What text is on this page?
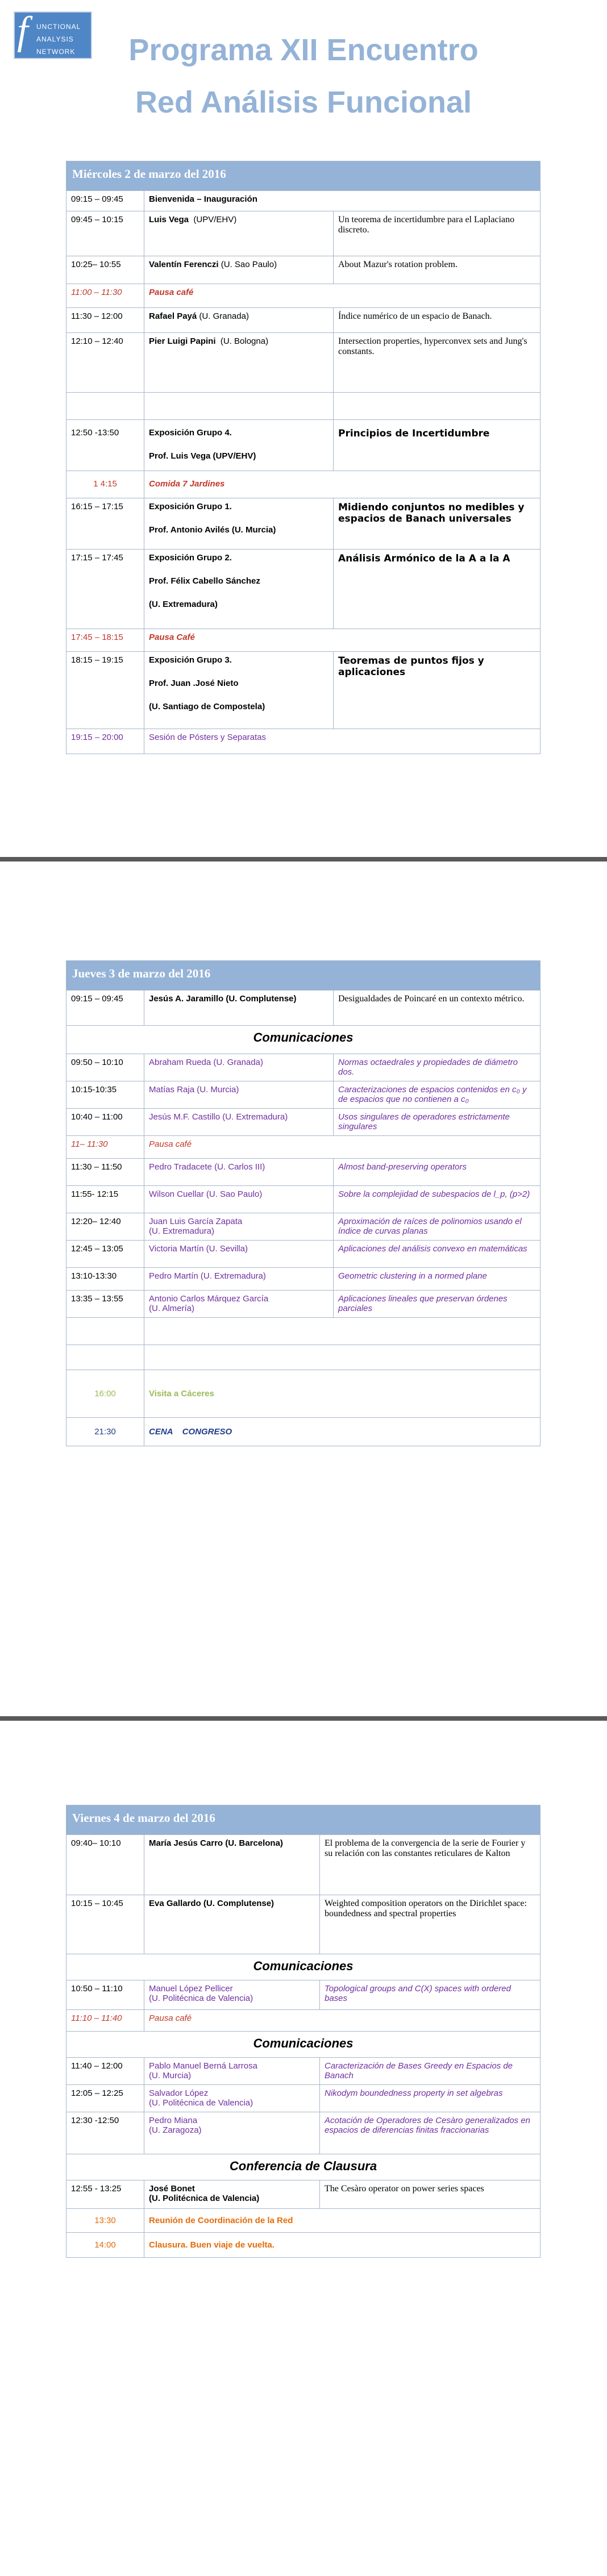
f UNCTIONAL
ANALYSIS
NETWORK	Programa XII Encuentro
Red Análisis Funcional
Miércoles 2 de marzo del 2016		
09:15 – 09:45	Bienvenida – Inauguración	
09:45 – 10:15	Luis Vega (UPV/EHV)	Un teorema de incertidumbre para el Laplaciano discreto.
10:25– 10:55	Valentín Ferenczi (U. Sao Paulo)	About Mazur's rotation problem.
11:00 – 11:30	Pausa café	
11:30 – 12:00	Rafael Payá (U. Granada)	Índice numérico de un espacio de Banach.
12:10 – 12:40	Pier Luigi Papini (U. Bologna)	Intersection properties, hyperconvex sets and Jung's constants.

12:50 -13:50	Exposición Grupo 4.
Prof. Luis Vega (UPV/EHV)	Principios de Incertidumbre
1 4:15	Comida 7 Jardines	
16:15 – 17:15	Exposición Grupo 1.
Prof. Antonio Avilés (U. Murcia)	Midiendo conjuntos no medibles y espacios de Banach universales
17:15 – 17:45	Exposición Grupo 2.
Prof. Félix Cabello Sánchez
(U. Extremadura)	Análisis Armónico de la A a la A
17:45 – 18:15	Pausa Café	
18:15 – 19:15	Exposición Grupo 3.
Prof. Juan .José Nieto
(U. Santiago de Compostela)	Teoremas de puntos fijos y aplicaciones
19:15 – 20:00	Sesión de Pósters y Separatas	
Jueves 3 de marzo del 2016		
09:15 – 09:45	Jesús A. Jaramillo (U. Complutense)	Desigualdades de Poincaré en un contexto métrico.
Comunicaciones		
09:50 – 10:10	Abraham Rueda (U. Granada)	Normas octaedrales y propiedades de diámetro dos.
10:15-10:35	Matías Raja (U. Murcia)	Caracterizaciones de espacios contenidos en c₀ y de espacios que no contienen a c₀
10:40 – 11:00	Jesús M.F. Castillo (U. Extremadura)	Usos singulares de operadores estrictamente singulares
11– 11:30	Pausa café	
11:30 – 11:50	Pedro Tradacete (U. Carlos III)	Almost band-preserving operators
11:55- 12:15	Wilson Cuellar (U. Sao Paulo)	Sobre la complejidad de subespacios de l_p, (p>2)
12:20– 12:40	Juan Luis García Zapata
(U. Extremadura)	Aproximación de raíces de polinomios usando el índice de curvas planas
12:45 – 13:05	Victoria Martín (U. Sevilla)	Aplicaciones del análisis convexo en matemáticas
13:10-13:30	Pedro Martín (U. Extremadura)	Geometric clustering in a normed plane
13:35 – 13:55	Antonio Carlos Márquez García
(U. Almería)	Aplicaciones lineales que preservan órdenes parciales

16:00	Visita a Cáceres	
21:30	CENA    CONGRESO	
Viernes 4 de marzo del 2016		
09:40– 10:10	María Jesús Carro (U. Barcelona)	El problema de la convergencia de la serie de Fourier y su relación con las constantes reticulares de Kalton
10:15 – 10:45	Eva Gallardo (U. Complutense)	Weighted composition operators on the Dirichlet space: boundedness and spectral properties
Comunicaciones		
10:50 – 11:10	Manuel López Pellicer
(U. Politécnica de Valencia)	Topological groups and C(X) spaces with ordered bases
11:10 – 11:40	Pausa café	
Comunicaciones		
11:40 – 12:00	Pablo Manuel Berná Larrosa
(U. Murcia)	Caracterización de Bases Greedy en Espacios de Banach
12:05 – 12:25	Salvador López
(U. Politécnica de Valencia)	Nikodym boundedness property in set algebras
12:30 -12:50	Pedro Miana
(U. Zaragoza)	Acotación de Operadores de Cesàro generalizados en espacios de diferencias finitas fraccionarias
Conferencia de Clausura		
12:55 - 13:25	José Bonet
(U. Politécnica de Valencia)	The Cesàro operator on power series spaces
13:30	Reunión de Coordinación de la Red	
14:00	Clausura. Buen viaje de vuelta.	
